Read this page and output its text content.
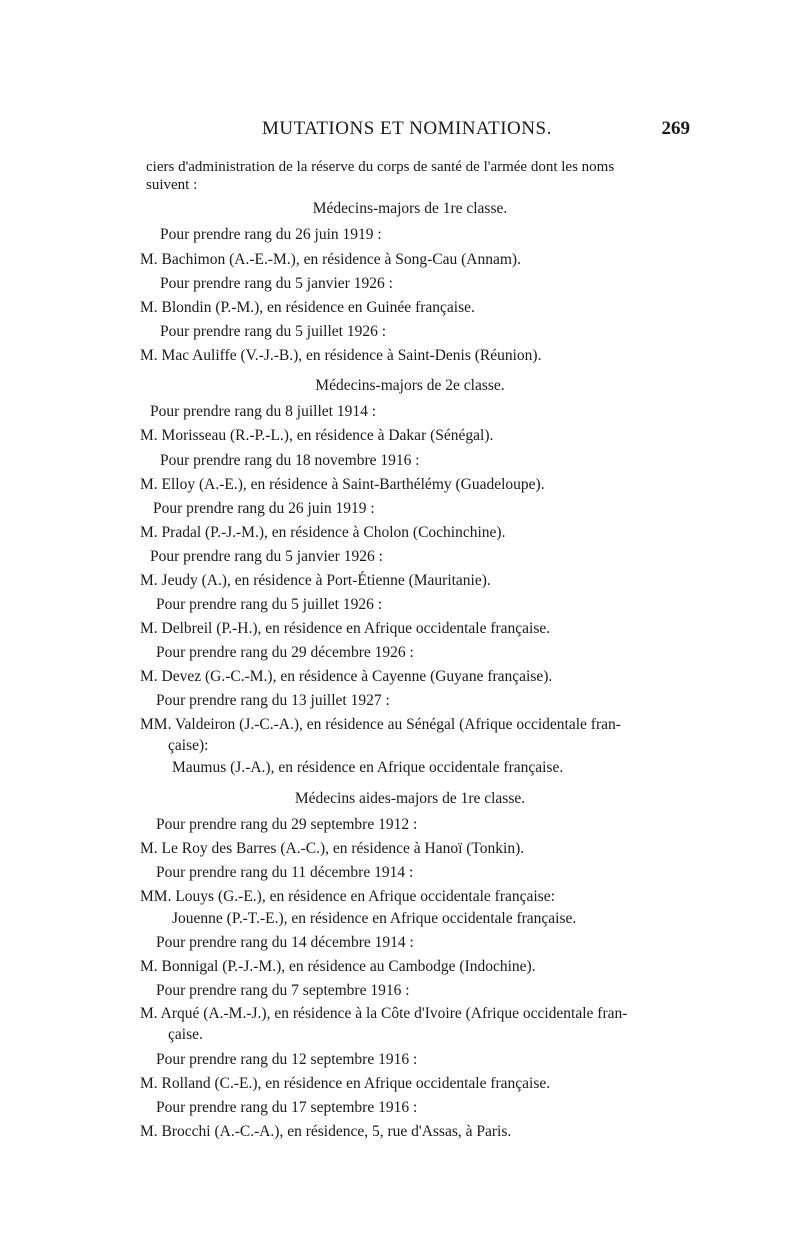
MUTATIONS ET NOMINATIONS.	269
ciers d'administration de la réserve du corps de santé de l'armée dont les noms

suivent :
Médecins-majors de 1re classe.
Pour prendre rang du 26 juin 1919 :
M. Bachimon (A.-E.-M.), en résidence à Song-Cau (Annam).
Pour prendre rang du 5 janvier 1926 :
M. Blondin (P.-M.), en résidence en Guinée française.
Pour prendre rang du 5 juillet 1926 :
M. Mac Auliffe (V.-J.-B.), en résidence à Saint-Denis (Réunion).
Médecins-majors de 2e classe.
Pour prendre rang du 8 juillet 1914 :
M. Morisseau (R.-P.-L.), en résidence à Dakar (Sénégal).
Pour prendre rang du 18 novembre 1916 :
M. Elloy (A.-E.), en résidence à Saint-Barthélémy (Guadeloupe).
Pour prendre rang du 26 juin 1919 :
M. Pradal (P.-J.-M.), en résidence à Cholon (Cochinchine).
Pour prendre rang du 5 janvier 1926 :
M. Jeudy (A.), en résidence à Port-Étienne (Mauritanie).
Pour prendre rang du 5 juillet 1926 :
M. Delbreil (P.-H.), en résidence en Afrique occidentale française.
Pour prendre rang du 29 décembre 1926 :
M. Devez (G.-C.-M.), en résidence à Cayenne (Guyane française).
Pour prendre rang du 13 juillet 1927 :
MM. Valdeiron (J.-C.-A.), en résidence au Sénégal (Afrique occidentale fran-
çaise):
Maumus (J.-A.), en résidence en Afrique occidentale française.
Médecins aides-majors de 1re classe.
Pour prendre rang du 29 septembre 1912 :
M. Le Roy des Barres (A.-C.), en résidence à Hanoï (Tonkin).
Pour prendre rang du 11 décembre 1914 :
MM. Louys (G.-E.), en résidence en Afrique occidentale française:
Jouenne (P.-T.-E.), en résidence en Afrique occidentale française.
Pour prendre rang du 14 décembre 1914 :
M. Bonnigal (P.-J.-M.), en résidence au Cambodge (Indochine).
Pour prendre rang du 7 septembre 1916 :
M. Arqué (A.-M.-J.), en résidence à la Côte d'Ivoire (Afrique occidentale fran-
çaise.
Pour prendre rang du 12 septembre 1916 :
M. Rolland (C.-E.), en résidence en Afrique occidentale française.
Pour prendre rang du 17 septembre 1916 :
M. Brocchi (A.-C.-A.), en résidence, 5, rue d'Assas, à Paris.
